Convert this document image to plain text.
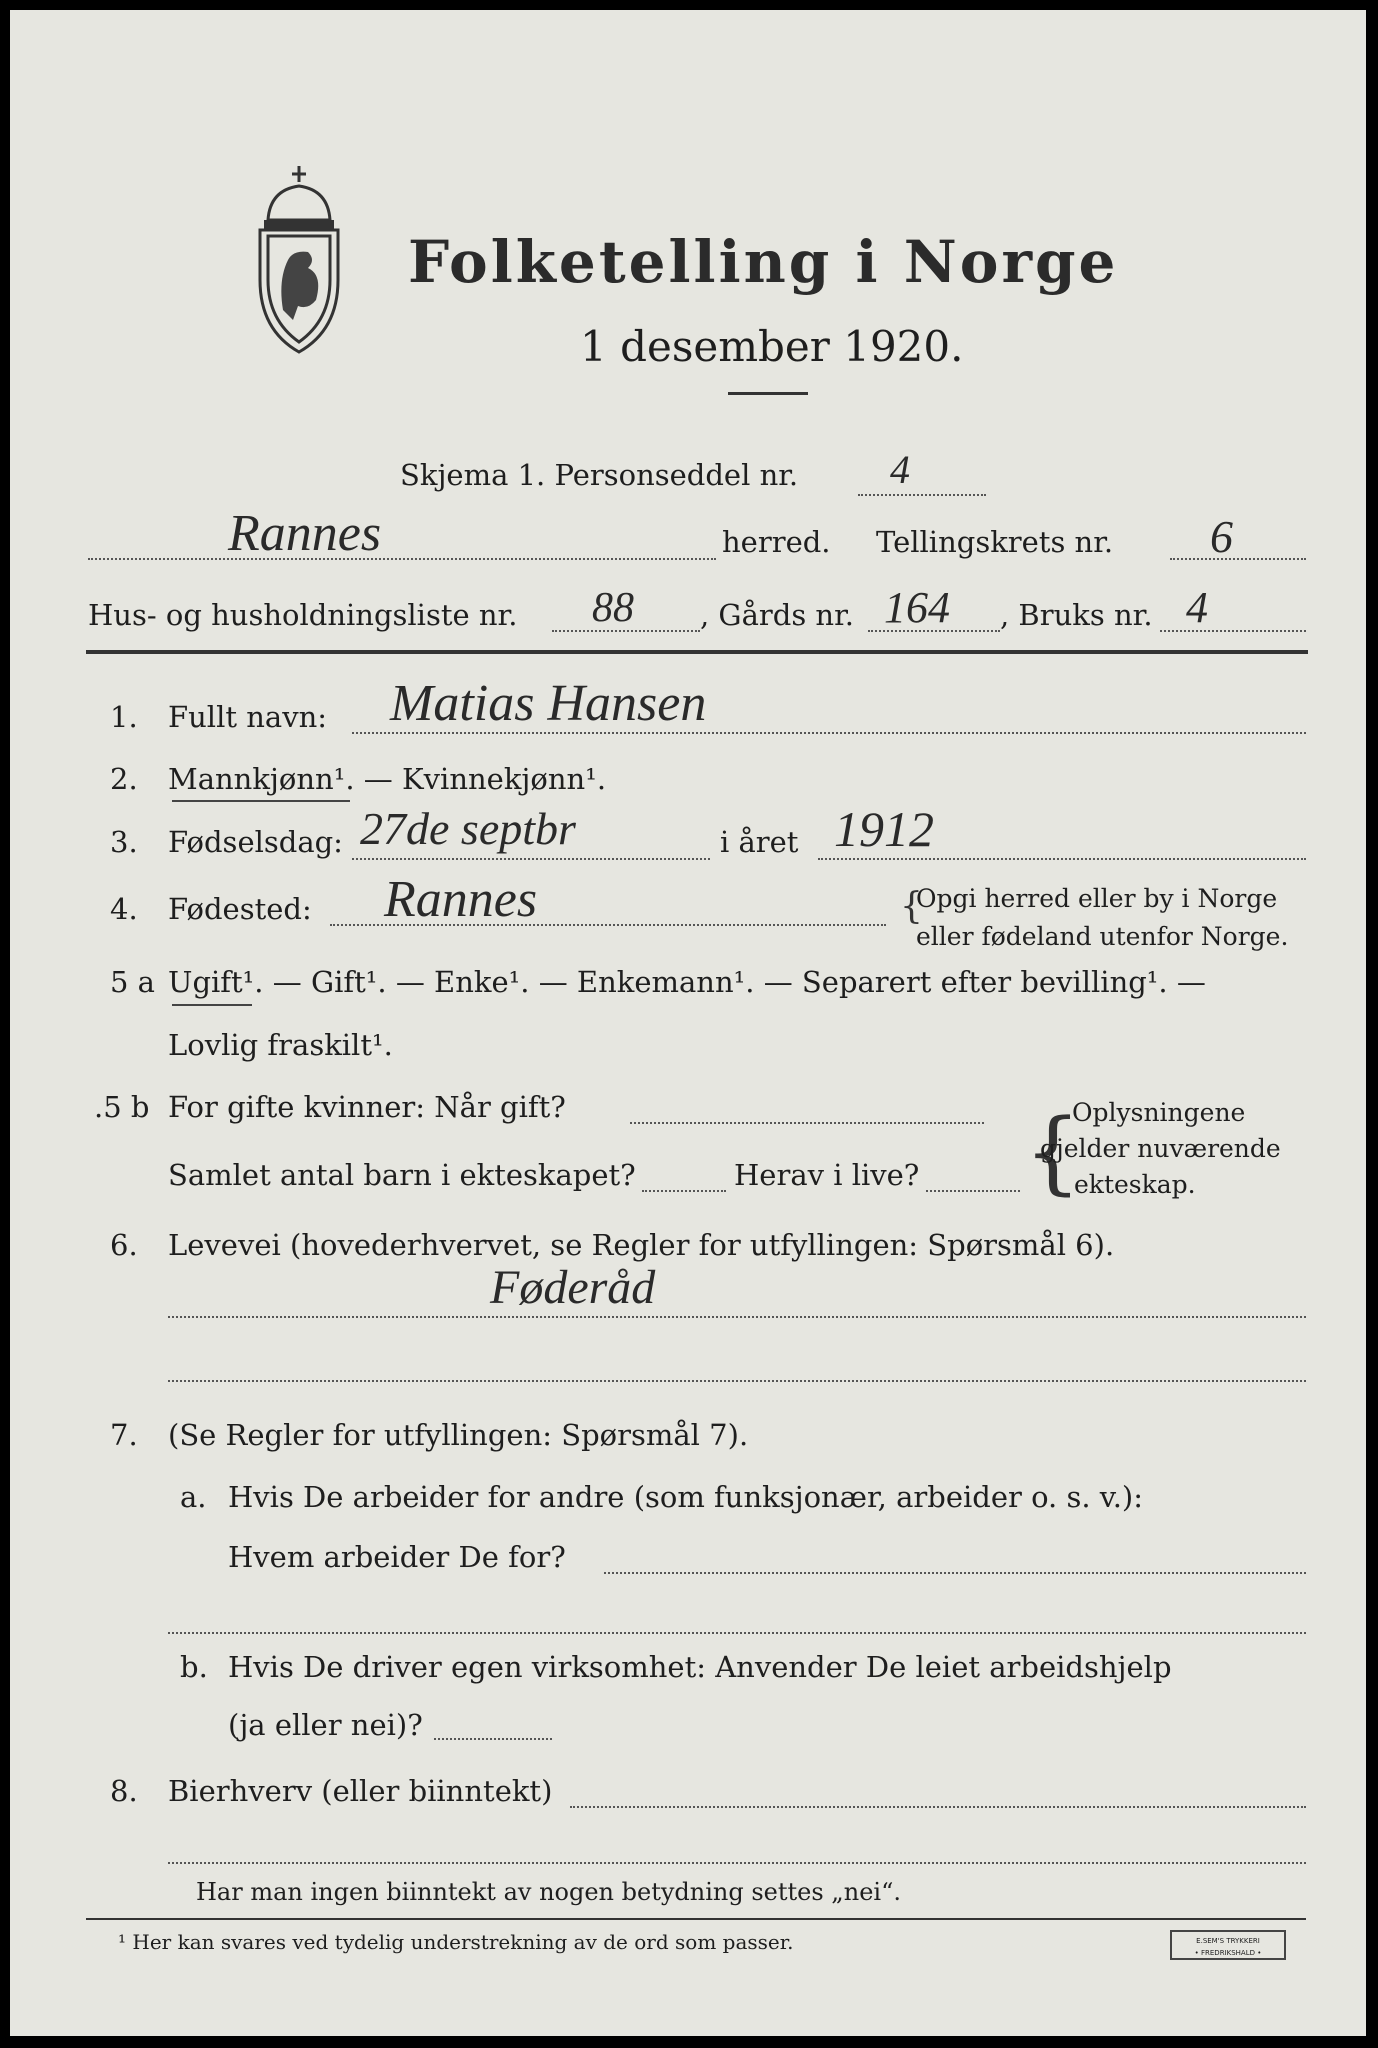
Folketelling i Norge
1 desember 1920.
Skjema 1. Personseddel nr. 4
Rannes	herred. Tellingskrets nr. 6
Hus- og husholdningsliste nr. 88 , Gårds nr. 164 , Bruks nr. 4
1. Fullt navn: Matias Hansen
2. Mannkjønn¹. — Kvinnekjønn¹.
3. Fødselsdag: 27de septbr	i året 1912
4. Fødested: Rannes	{
Opgi herred eller by i Norge
eller fødeland utenfor Norge.
5 a Ugift¹. — Gift¹. — Enke¹. — Enkemann¹. — Separert efter bevilling¹. —
Lovlig fraskilt¹.
.5 b For gifte kvinner: Når gift?
Samlet antal barn i ekteskapet?	Herav i live? {
Oplysningene
gjelder nuværende
ekteskap.
6. Levevei (hovederhvervet, se Regler for utfyllingen: Spørsmål 6).
Føderåd
7. (Se Regler for utfyllingen: Spørsmål 7).
a. Hvis De arbeider for andre (som funksjonær, arbeider o. s. v.):
Hvem arbeider De for?
b. Hvis De driver egen virksomhet: Anvender De leiet arbeidshjelp
(ja eller nei)?
8. Bierhverv (eller biinntekt)
Har man ingen biinntekt av nogen betydning settes „nei“.
¹ Her kan svares ved tydelig understrekning av de ord som passer.	E.SEM'S TRYKKERI
• FREDRIKSHALD •
